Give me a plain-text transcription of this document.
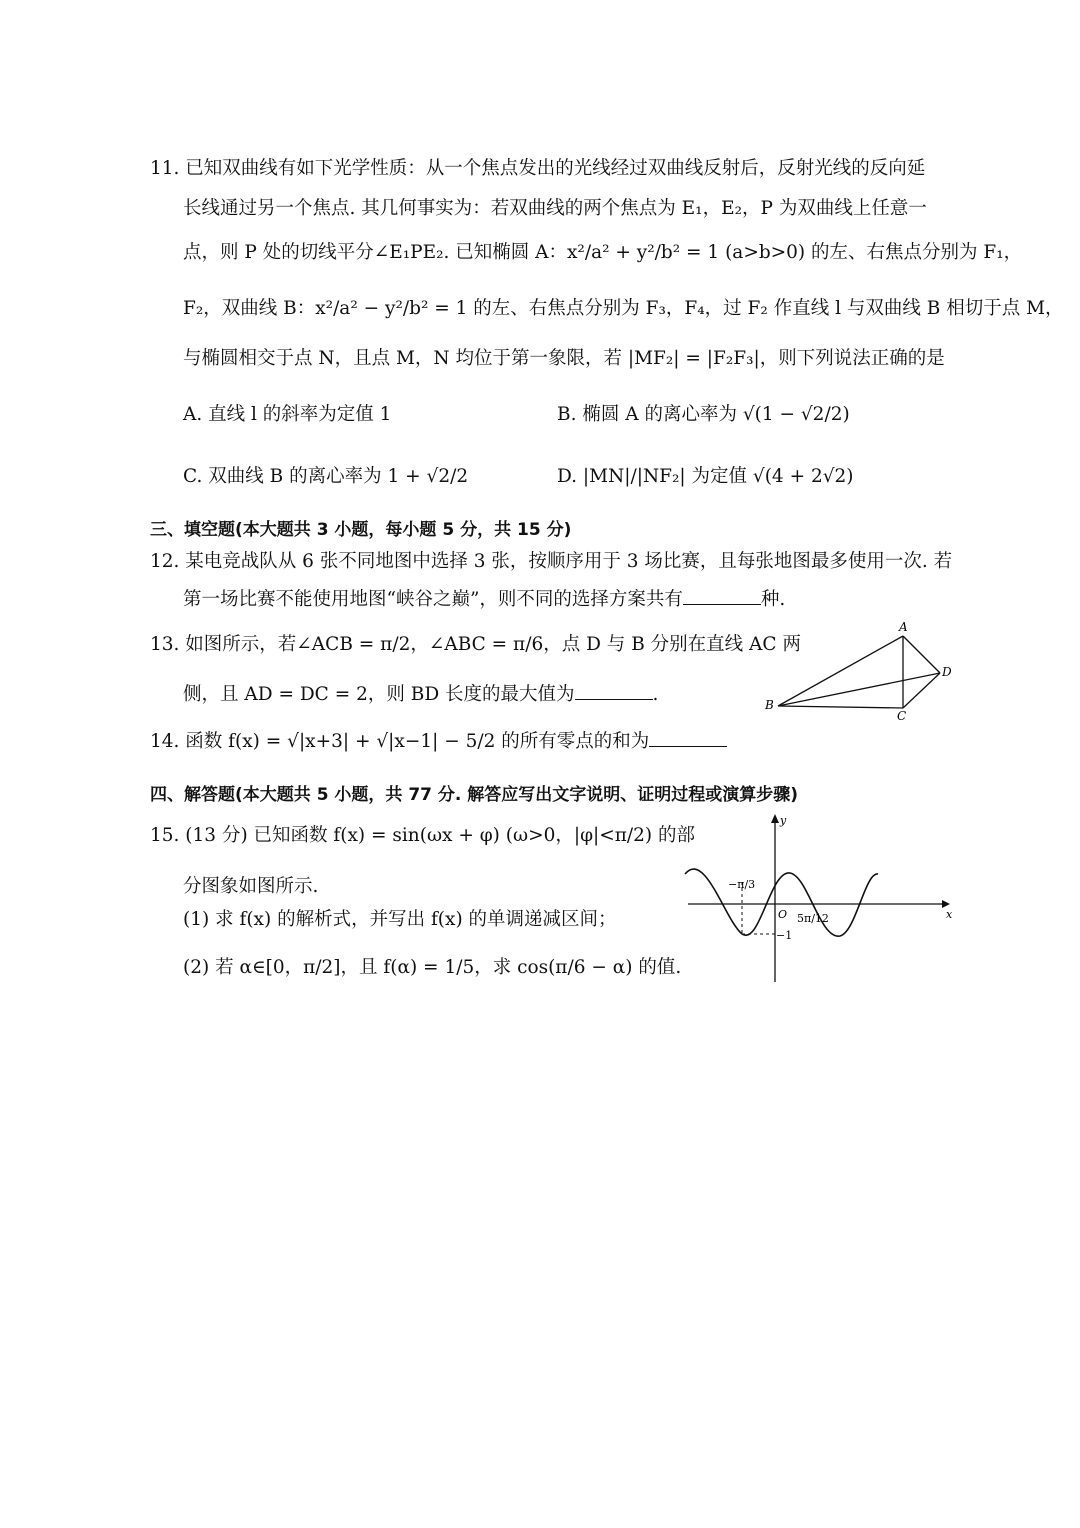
11. 已知双曲线有如下光学性质：从一个焦点发出的光线经过双曲线反射后，反射光线的反向延
长线通过另一个焦点. 其几何事实为：若双曲线的两个焦点为 E₁，E₂，P 为双曲线上任意一
点，则 P 处的切线平分∠E₁PE₂. 已知椭圆 A：x²/a² + y²/b² = 1 (a>b>0) 的左、右焦点分别为 F₁，
F₂，双曲线 B：x²/a² − y²/b² = 1 的左、右焦点分别为 F₃，F₄，过 F₂ 作直线 l 与双曲线 B 相切于点 M，
与椭圆相交于点 N，且点 M，N 均位于第一象限，若 |MF₂| = |F₂F₃|，则下列说法正确的是
A. 直线 l 的斜率为定值 1	B. 椭圆 A 的离心率为 √(1 − √2/2)
C. 双曲线 B 的离心率为 1 + √2/2	D. |MN|/|NF₂| 为定值 √(4 + 2√2)
三、填空题(本大题共 3 小题，每小题 5 分，共 15 分)
12. 某电竞战队从 6 张不同地图中选择 3 张，按顺序用于 3 场比赛，且每张地图最多使用一次. 若
第一场比赛不能使用地图“峡谷之巅”，则不同的选择方案共有	种.
13. 如图所示，若∠ACB = π/2，∠ABC = π/6，点 D 与 B 分别在直线 AC 两
侧，且 AD = DC = 2，则 BD 长度的最大值为	.
A
B
C
D
14. 函数 f(x) = √|x+3| + √|x−1| − 5/2 的所有零点的和为
四、解答题(本大题共 5 小题，共 77 分. 解答应写出文字说明、证明过程或演算步骤)
15. (13 分) 已知函数 f(x) = sin(ωx + φ) (ω>0，|φ|<π/2) 的部
分图象如图所示.
(1) 求 f(x) 的解析式，并写出 f(x) 的单调递减区间；
(2) 若 α∈[0，π/2]，且 f(α) = 1/5，求 cos(π/6 − α) 的值.
y
x
O
−π/3
5π/12
−1
